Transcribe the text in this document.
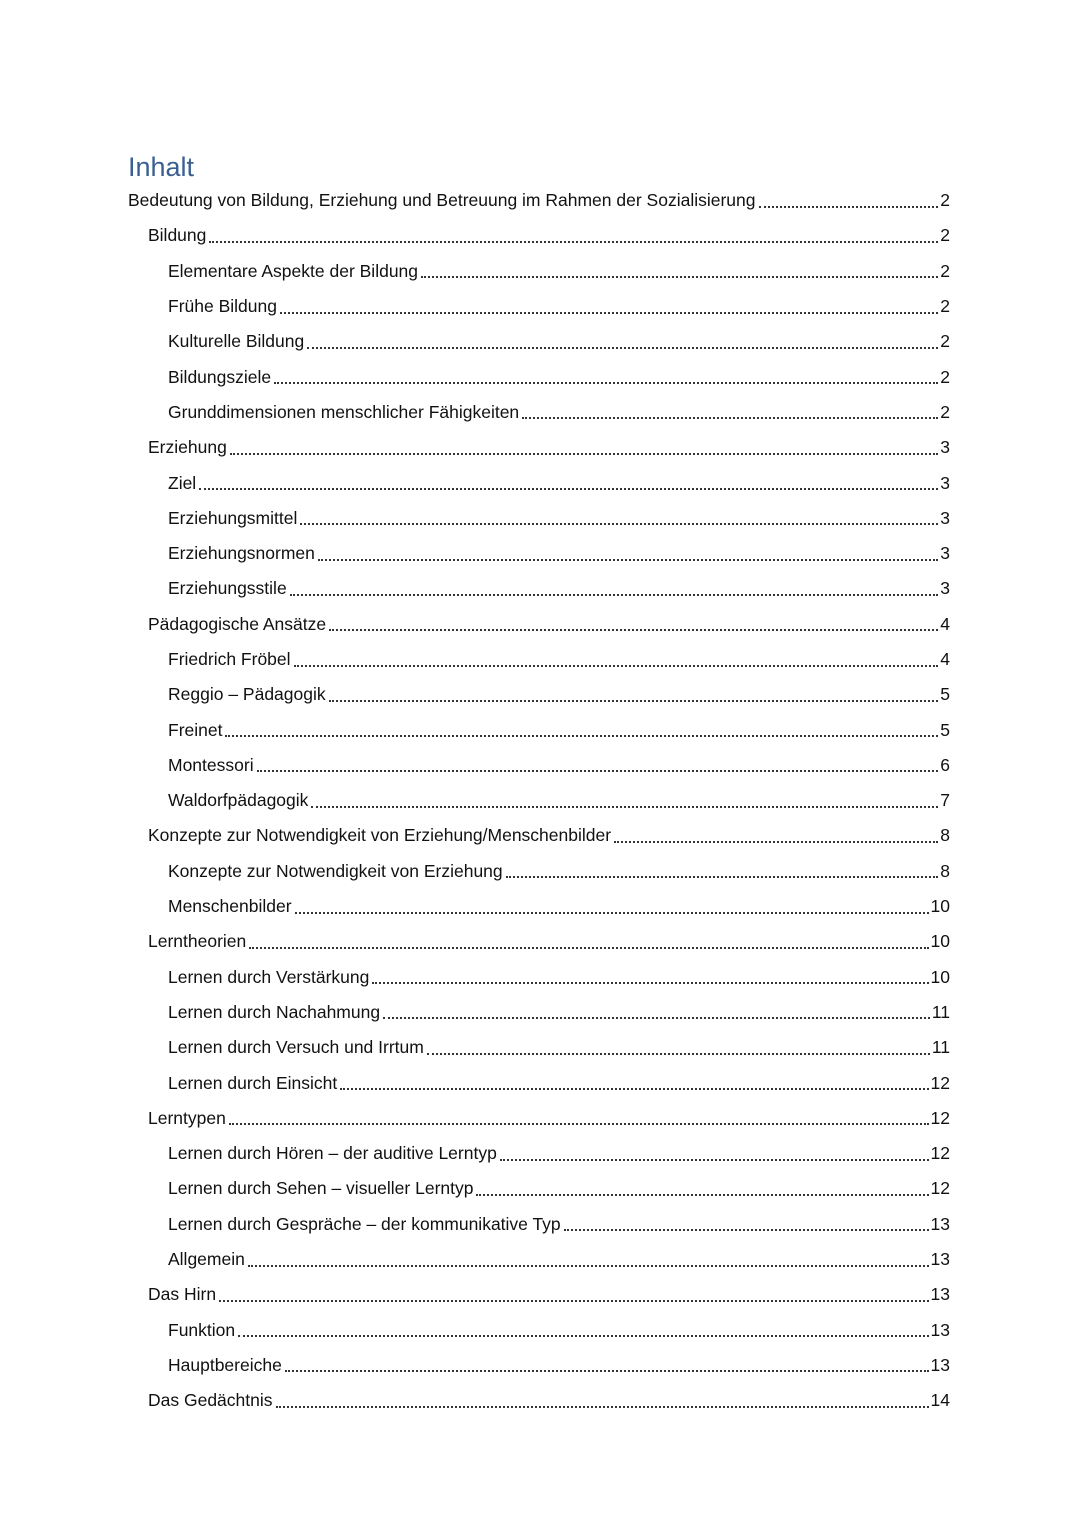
Inhalt
Bedeutung von Bildung, Erziehung und Betreuung im Rahmen der Sozialisierung	2
Bildung	2
Elementare Aspekte der Bildung	2
Frühe Bildung	2
Kulturelle Bildung	2
Bildungsziele	2
Grunddimensionen menschlicher Fähigkeiten	2
Erziehung	3
Ziel	3
Erziehungsmittel	3
Erziehungsnormen	3
Erziehungsstile	3
Pädagogische Ansätze	4
Friedrich Fröbel	4
Reggio – Pädagogik	5
Freinet	5
Montessori	6
Waldorfpädagogik	7
Konzepte zur Notwendigkeit von Erziehung/Menschenbilder	8
Konzepte zur Notwendigkeit von Erziehung	8
Menschenbilder	10
Lerntheorien	10
Lernen durch Verstärkung	10
Lernen durch Nachahmung	11
Lernen durch Versuch und Irrtum	11
Lernen durch Einsicht	12
Lerntypen	12
Lernen durch Hören – der auditive Lerntyp	12
Lernen durch Sehen – visueller Lerntyp	12
Lernen durch Gespräche – der kommunikative Typ	13
Allgemein	13
Das Hirn	13
Funktion	13
Hauptbereiche	13
Das Gedächtnis	14
